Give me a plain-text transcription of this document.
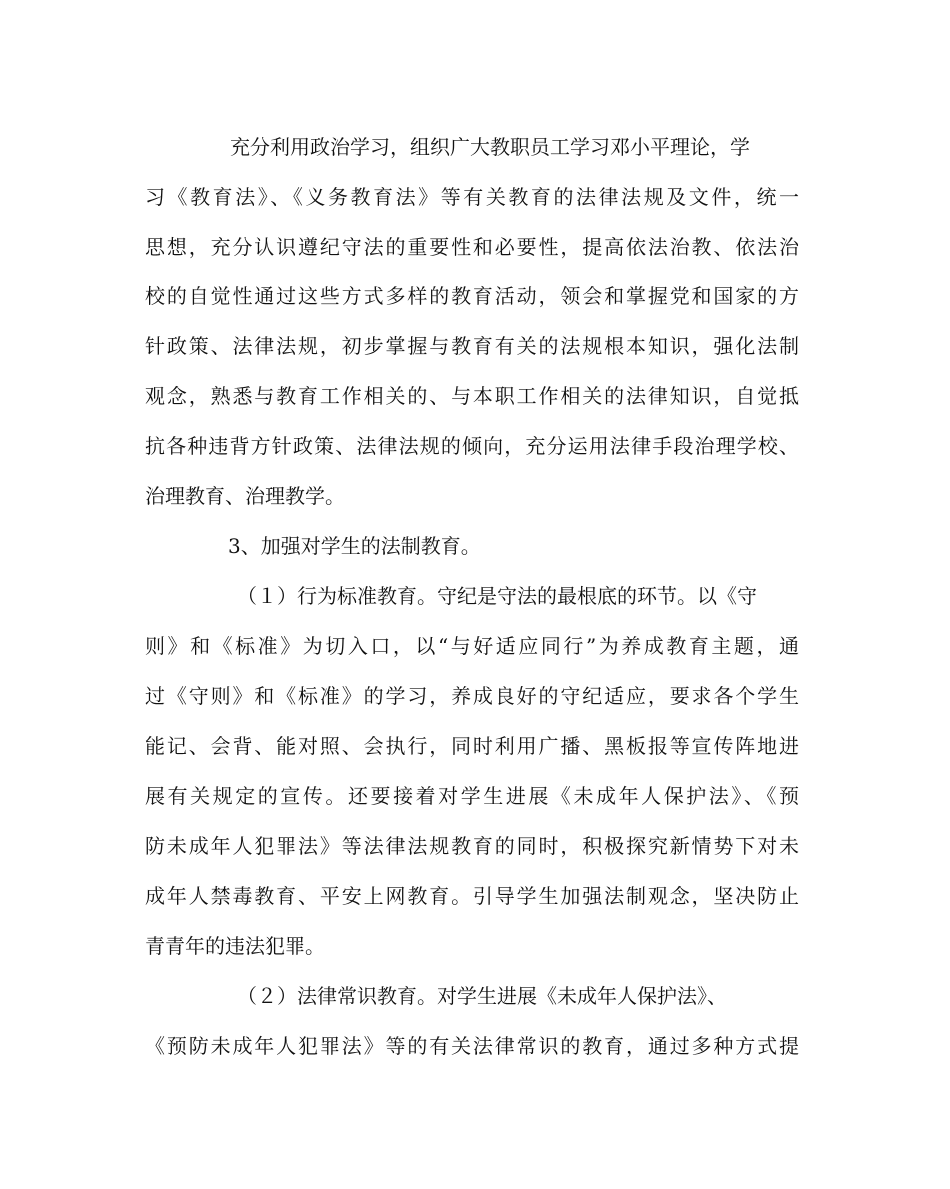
充分利用政治学习，组织广大教职员工学习邓小平理论，学
习《教育法》、《义务教育法》等有关教育的法律法规及文件，统一
思想，充分认识遵纪守法的重要性和必要性，提高依法治教、依法治
校的自觉性通过这些方式多样的教育活动，领会和掌握党和国家的方
针政策、法律法规，初步掌握与教育有关的法规根本知识，强化法制
观念，熟悉与教育工作相关的、与本职工作相关的法律知识，自觉抵
抗各种违背方针政策、法律法规的倾向，充分运用法律手段治理学校、
治理教育、治理教学。
3、加强对学生的法制教育。
（１）行为标准教育。守纪是守法的最根底的环节。以《守
则》和《标准》为切入口，以“与好适应同行”为养成教育主题，通
过《守则》和《标准》的学习，养成良好的守纪适应，要求各个学生
能记、会背、能对照、会执行，同时利用广播、黑板报等宣传阵地进
展有关规定的宣传。还要接着对学生进展《未成年人保护法》、《预
防未成年人犯罪法》等法律法规教育的同时，积极探究新情势下对未
成年人禁毒教育、平安上网教育。引导学生加强法制观念，坚决防止
青青年的违法犯罪。
（２）法律常识教育。对学生进展《未成年人保护法》、
《预防未成年人犯罪法》等的有关法律常识的教育，通过多种方式提
